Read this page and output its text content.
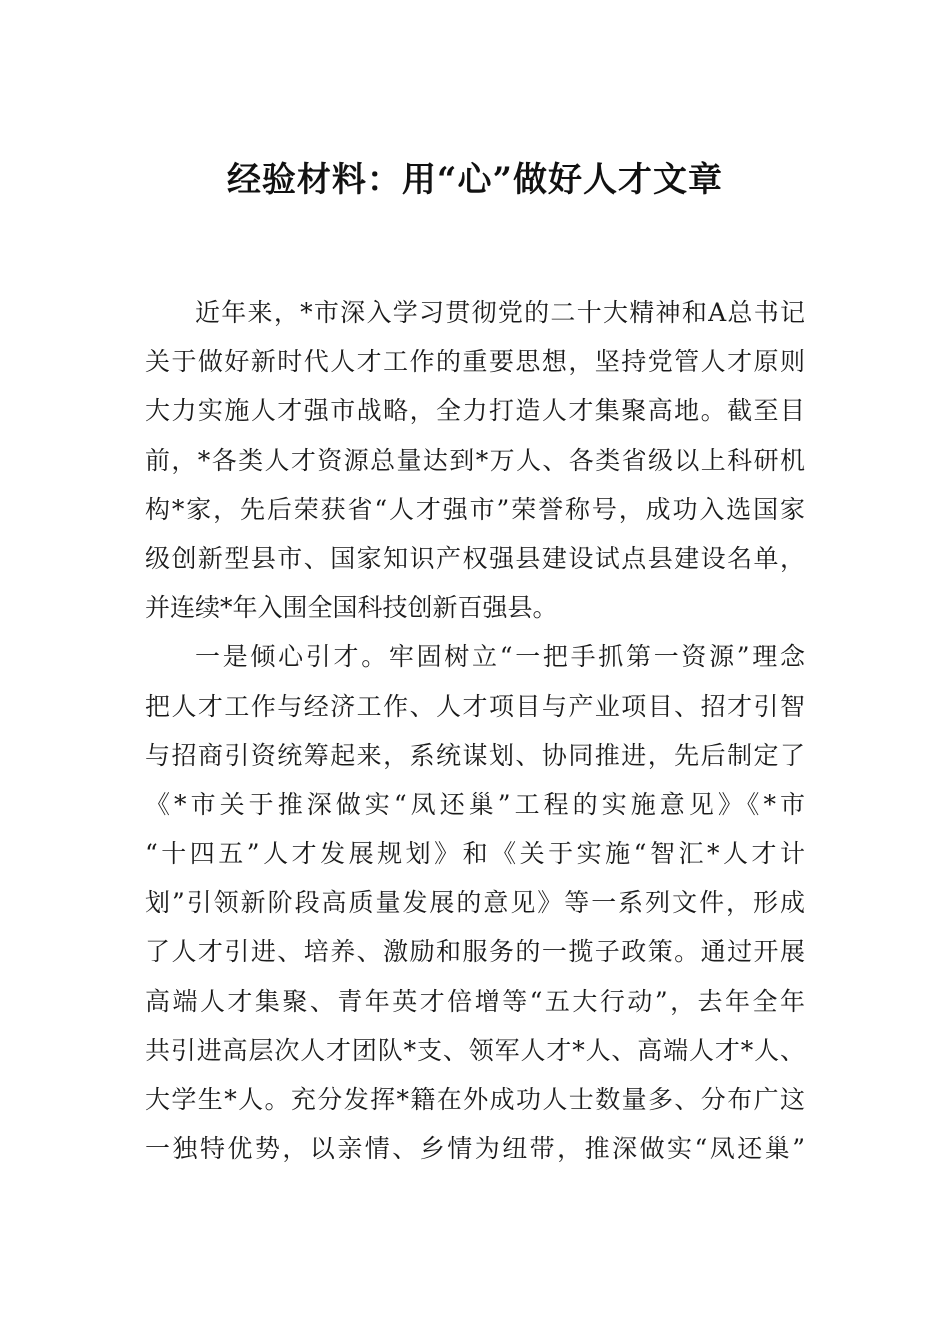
经验材料：用“心”做好人才文章
近年来，*市深入学习贯彻党的二十大精神和A总书记
关于做好新时代人才工作的重要思想，坚持党管人才原则
大力实施人才强市战略，全力打造人才集聚高地。截至目
前，*各类人才资源总量达到*万人、各类省级以上科研机
构*家，先后荣获省“人才强市”荣誉称号，成功入选国家
级创新型县市、国家知识产权强县建设试点县建设名单，
并连续*年入围全国科技创新百强县。
一是倾心引才。牢固树立“一把手抓第一资源”理念
把人才工作与经济工作、人才项目与产业项目、招才引智
与招商引资统筹起来，系统谋划、协同推进，先后制定了
《*市关于推深做实“凤还巢”工程的实施意见》《*市
“十四五”人才发展规划》和《关于实施“智汇*人才计
划”引领新阶段高质量发展的意见》等一系列文件，形成
了人才引进、培养、激励和服务的一揽子政策。通过开展
高端人才集聚、青年英才倍增等“五大行动”，去年全年
共引进高层次人才团队*支、领军人才*人、高端人才*人、
大学生*人。充分发挥*籍在外成功人士数量多、分布广这
一独特优势，以亲情、乡情为纽带，推深做实“凤还巢”
